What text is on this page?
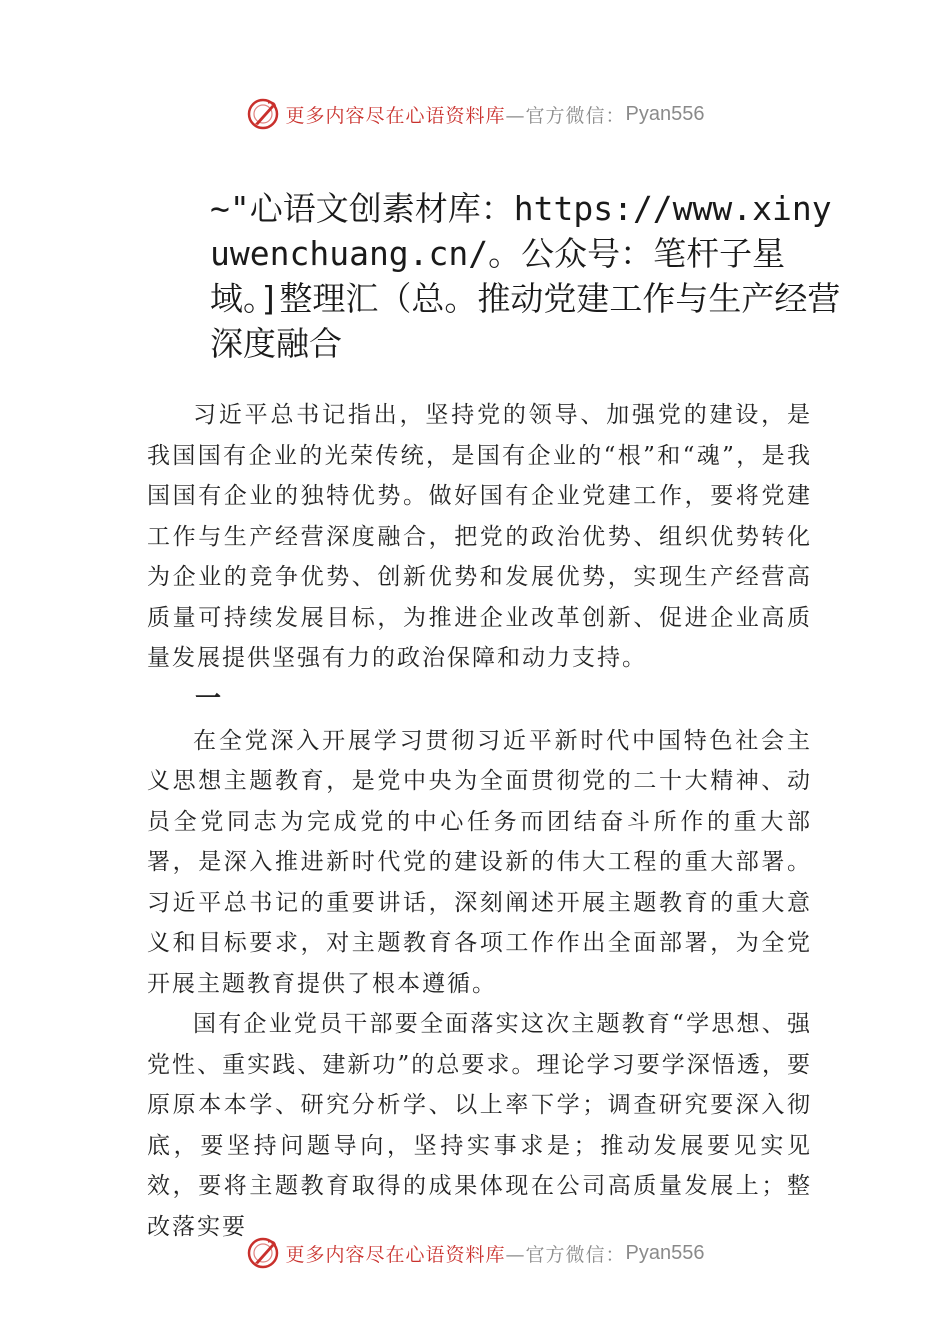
更多内容尽在心语资料库 —官方微信： Pyan556
~"心语文创素材库：https://www.xinyuwenchuang.cn/。公众号：笔杆子星域。]整理汇（总。推动党建工作与生产经营深度融合

习近平总书记指出，坚持党的领导、加强党的建设，是我国国有企业的光荣传统，是国有企业的“根”和“魂”，是我国国有企业的独特优势。做好国有企业党建工作，要将党建工作与生产经营深度融合，把党的政治优势、组织优势转化为企业的竞争优势、创新优势和发展优势，实现生产经营高质量可持续发展目标，为推进企业改革创新、促进企业高质量发展提供坚强有力的政治保障和动力支持。

一

在全党深入开展学习贯彻习近平新时代中国特色社会主义思想主题教育，是党中央为全面贯彻党的二十大精神、动员全党同志为完成党的中心任务而团结奋斗所作的重大部署，是深入推进新时代党的建设新的伟大工程的重大部署。习近平总书记的重要讲话，深刻阐述开展主题教育的重大意义和目标要求，对主题教育各项工作作出全面部署，为全党 开展主题教育提供了根本遵循。

国有企业党员干部要全面落实这次主题教育“学思想、强党性、重实践、建新功”的总要求。理论学习要学深悟透，要原原本本学、研究分析学、以上率下学；调查研究要深入彻底，要坚持问题导向，坚持实事求是；推动发展要见实见效，要将主题教育取得的成果体现在公司高质量发展上；整改落实要

更多内容尽在心语资料库 —官方微信： Pyan556
